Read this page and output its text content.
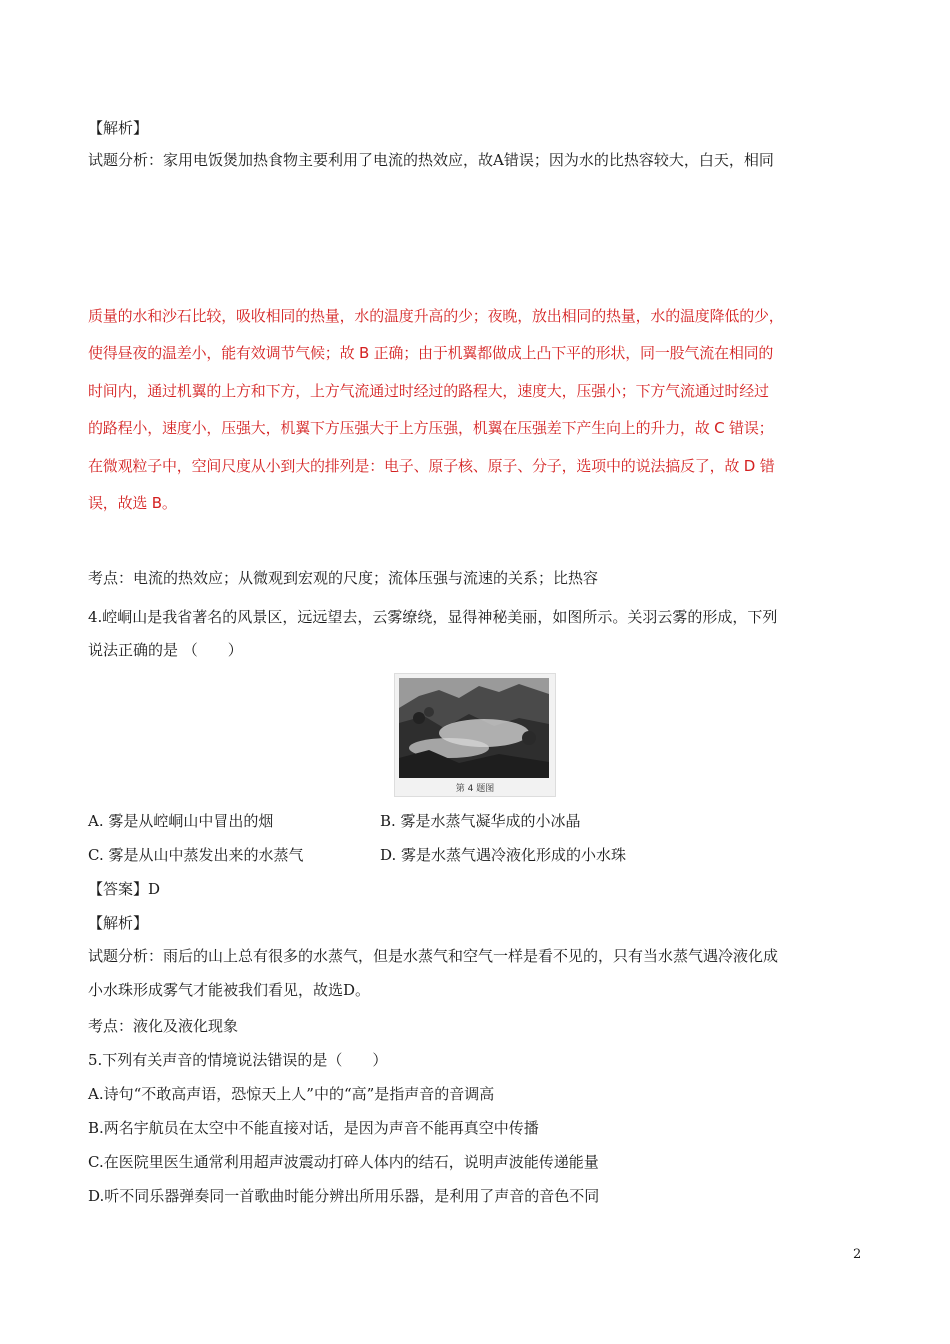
【解析】
试题分析：家用电饭煲加热食物主要利用了电流的热效应，故A错误；因为水的比热容较大，白天，相同
质量的水和沙石比较，吸收相同的热量，水的温度升高的少；夜晚，放出相同的热量，水的温度降低的少，
使得昼夜的温差小，能有效调节气候；故 B 正确；由于机翼都做成上凸下平的形状，同一股气流在相同的
时间内，通过机翼的上方和下方，上方气流通过时经过的路程大，速度大，压强小；下方气流通过时经过
的路程小，速度小，压强大，机翼下方压强大于上方压强，机翼在压强差下产生向上的升力，故 C 错误；
在微观粒子中，空间尺度从小到大的排列是：电子、原子核、原子、分子，选项中的说法搞反了，故 D 错
误，故选 B。
考点：电流的热效应；从微观到宏观的尺度；流体压强与流速的关系；比热容
4.崆峒山是我省著名的风景区，远远望去，云雾缭绕，显得神秘美丽，如图所示。关羽云雾的形成，下列
说法正确的是 （　　）
第 4 题图
A. 雾是从崆峒山中冒出的烟	B. 雾是水蒸气凝华成的小冰晶
C. 雾是从山中蒸发出来的水蒸气	D. 雾是水蒸气遇冷液化形成的小水珠
【答案】D
【解析】
试题分析：雨后的山上总有很多的水蒸气，但是水蒸气和空气一样是看不见的，只有当水蒸气遇冷液化成
小水珠形成雾气才能被我们看见，故选D。
考点：液化及液化现象
5.下列有关声音的情境说法错误的是（　　）
A.诗句“不敢高声语，恐惊天上人”中的“高”是指声音的音调高
B.两名宇航员在太空中不能直接对话，是因为声音不能再真空中传播
C.在医院里医生通常利用超声波震动打碎人体内的结石，说明声波能传递能量
D.听不同乐器弹奏同一首歌曲时能分辨出所用乐器，是利用了声音的音色不同
2
